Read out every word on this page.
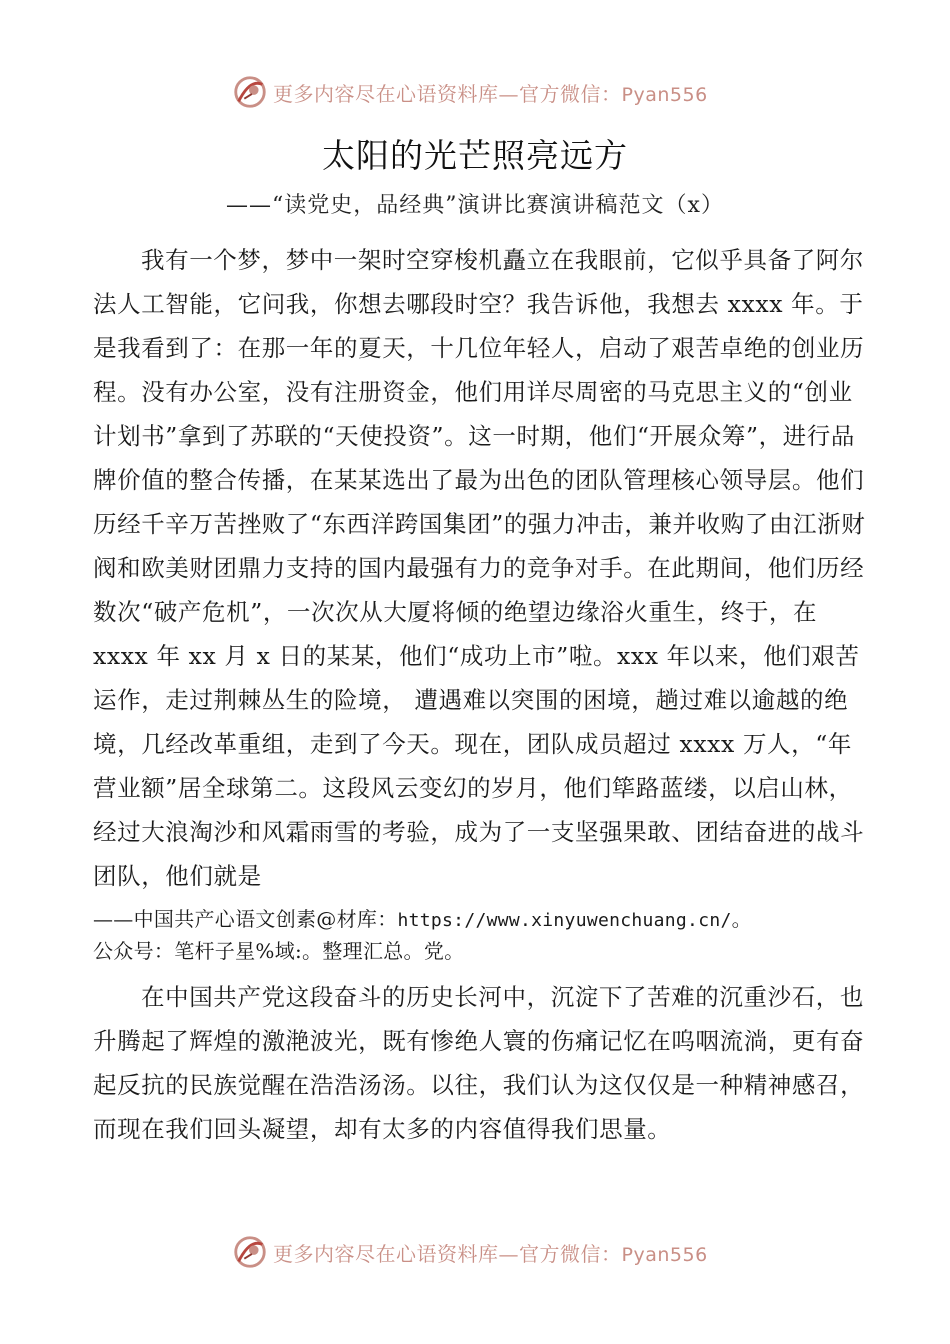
更多内容尽在心语资料库—官方微信：Pyan556
太阳的光芒照亮远方
——“读党史，品经典”演讲比赛演讲稿范文（x）
我有一个梦，梦中一架时空穿梭机矗立在我眼前，它似乎具备了阿尔法人工智能，它问我，你想去哪段时空？我告诉他，我想去 xxxx 年。于是我看到了：在那一年的夏天，十几位年轻人，启动了艰苦卓绝的创业历程。没有办公室，没有注册资金，他们用详尽周密的马克思主义的“创业计划书”拿到了苏联的“天使投资”。这一时期，他们“开展众筹”，进行品牌价值的整合传播，在某某选出了最为出色的团队管理核心领导层。他们历经千辛万苦挫败了“东西洋跨国集团”的强力冲击，兼并收购了由江浙财阀和欧美财团鼎力支持的国内最强有力的竞争对手。在此期间，他们历经数次“破产危机”，一次次从大厦将倾的绝望边缘浴火重生，终于，在 xxxx 年 xx 月 x 日的某某，他们“成功上市”啦。xxx 年以来，他们艰苦运作，走过荆棘丛生的险境， 遭遇难以突围的困境，趟过难以逾越的绝境，几经改革重组，走到了今天。现在，团队成员超过 xxxx 万人，“年营业额”居全球第二。这段风云变幻的岁月，他们筚路蓝缕，以启山林，经过大浪淘沙和风霜雨雪的考验，成为了一支坚强果敢、团结奋进的战斗团队，他们就是
——中国共产心语文创素@材库：https://www.xinyuwenchuang.cn/。
公众号：笔杆子星%域:。整理汇总。党。
在中国共产党这段奋斗的历史长河中，沉淀下了苦难的沉重沙石，也升腾起了辉煌的激滟波光，既有惨绝人寰的伤痛记忆在呜咽流淌，更有奋起反抗的民族觉醒在浩浩汤汤。以往，我们认为这仅仅是一种精神感召，而现在我们回头凝望，却有太多的内容值得我们思量。
更多内容尽在心语资料库—官方微信：Pyan556
